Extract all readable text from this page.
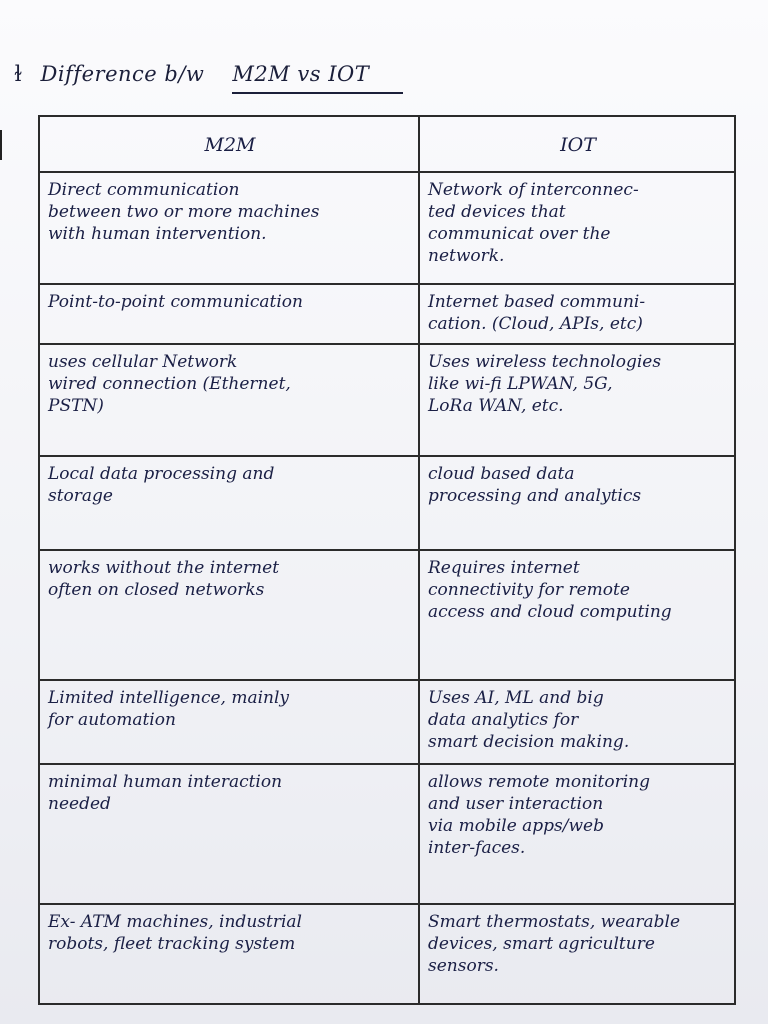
ɫ Difference b/w M2M vs IOT
M2M	IOT

Direct communication
between two or more machines
with human intervention.	Network of interconnec-
ted devices that
communicat over the
network.

Point-to-point communication	Internet based communi-
cation. (Cloud, APIs, etc)

uses cellular Network
wired connection (Ethernet,
PSTN)	Uses wireless technologies
like wi-fi LPWAN, 5G,
LoRa WAN, etc.

Local data processing and
storage	cloud based data
processing and analytics

works without the internet
often on closed networks	Requires internet
connectivity for remote
access and cloud computing

Limited intelligence, mainly
for automation	Uses AI, ML and big
data analytics for
smart decision making.

minimal human interaction
needed	allows remote monitoring
and user interaction
via mobile apps/web
inter-faces.

Ex- ATM machines, industrial
robots, fleet tracking system	Smart thermostats, wearable
devices, smart agriculture
sensors.
